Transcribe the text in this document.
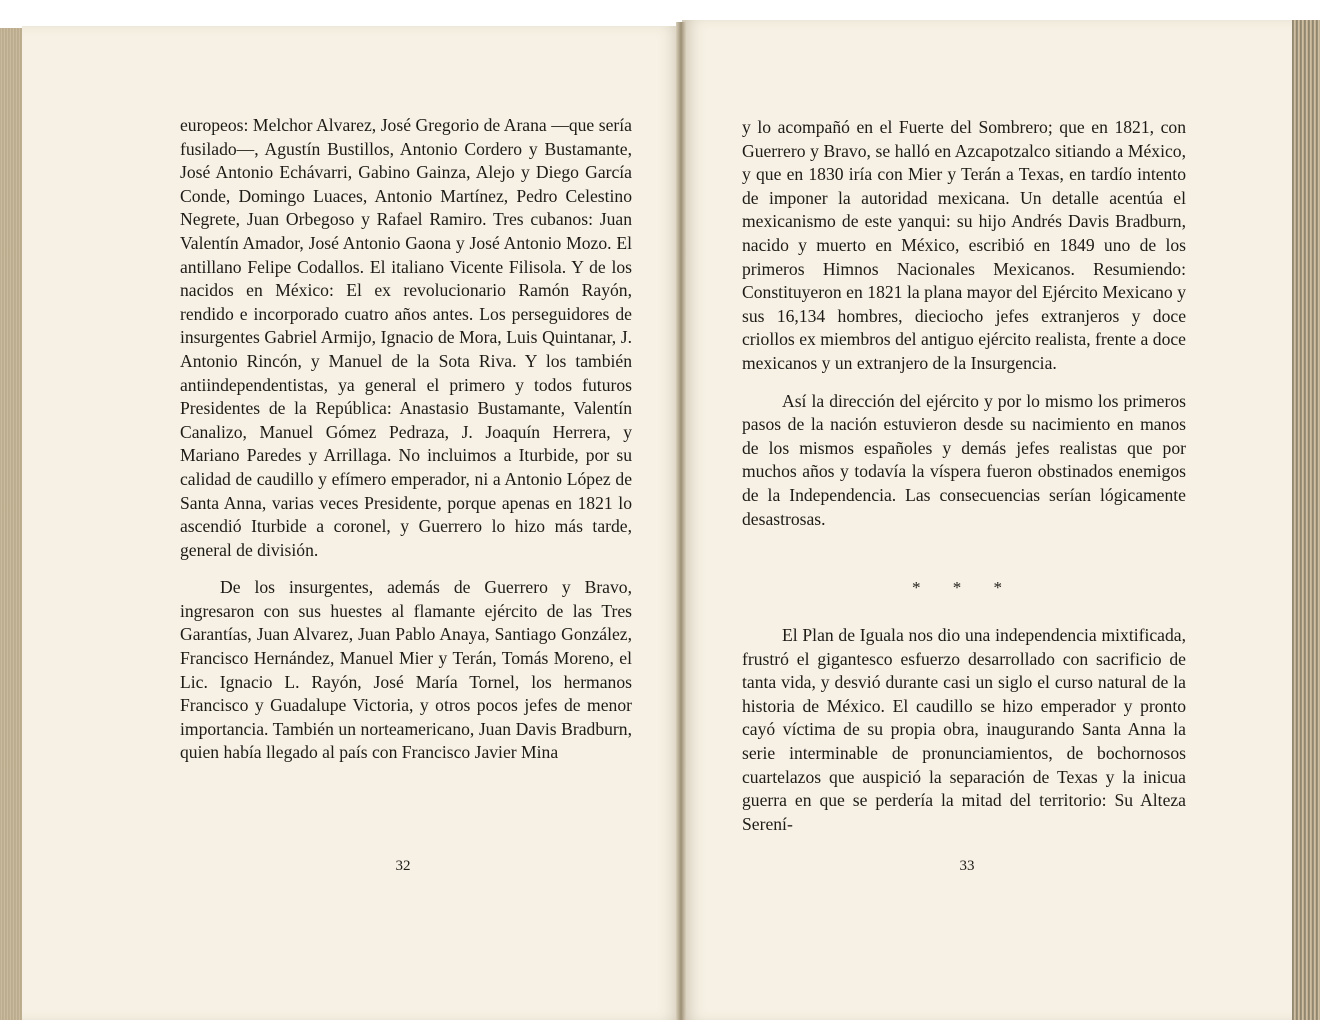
europeos: Melchor Alvarez, José Gregorio de Arana —que sería fusilado—, Agustín Bustillos, Antonio Cordero y Bustamante, José Antonio Echávarri, Gabino Gainza, Alejo y Diego García Conde, Domingo Luaces, Antonio Martínez, Pedro Celestino Negrete, Juan Orbegoso y Rafael Ramiro. Tres cubanos: Juan Valentín Amador, José Antonio Gaona y José Antonio Mozo. El antillano Felipe Codallos. El italiano Vicente Filisola. Y de los nacidos en México: El ex revolucionario Ramón Rayón, rendido e incorporado cuatro años antes. Los perseguidores de insurgentes Gabriel Armijo, Ignacio de Mora, Luis Quintanar, J. Antonio Rincón, y Manuel de la Sota Riva. Y los también antiindependentistas, ya general el primero y todos futuros Presidentes de la República: Anastasio Bustamante, Valentín Canalizo, Manuel Gómez Pedraza, J. Joaquín Herrera, y Mariano Paredes y Arrillaga. No incluimos a Iturbide, por su calidad de caudillo y efímero emperador, ni a Antonio López de Santa Anna, varias veces Presidente, porque apenas en 1821 lo ascendió Iturbide a coronel, y Guerrero lo hizo más tarde, general de división.

De los insurgentes, además de Guerrero y Bravo, ingresaron con sus huestes al flamante ejército de las Tres Garantías, Juan Alvarez, Juan Pablo Anaya, Santiago González, Francisco Hernández, Manuel Mier y Terán, Tomás Moreno, el Lic. Ignacio L. Rayón, José María Tornel, los hermanos Francisco y Guadalupe Victoria, y otros pocos jefes de menor importancia. También un norteamericano, Juan Davis Bradburn, quien había llegado al país con Francisco Javier Mina

32

y lo acompañó en el Fuerte del Sombrero; que en 1821, con Guerrero y Bravo, se halló en Azcapotzalco sitiando a México, y que en 1830 iría con Mier y Terán a Texas, en tardío intento de imponer la autoridad mexicana. Un detalle acentúa el mexicanismo de este yanqui: su hijo Andrés Davis Bradburn, nacido y muerto en México, escribió en 1849 uno de los primeros Himnos Nacionales Mexicanos. Resumiendo: Constituyeron en 1821 la plana mayor del Ejército Mexicano y sus 16,134 hombres, dieciocho jefes extranjeros y doce criollos ex miembros del antiguo ejército realista, frente a doce mexicanos y un extranjero de la Insurgencia.

Así la dirección del ejército y por lo mismo los primeros pasos de la nación estuvieron desde su nacimiento en manos de los mismos españoles y demás jefes realistas que por muchos años y todavía la víspera fueron obstinados enemigos de la Independencia. Las consecuencias serían lógicamente desastrosas.

* * *

El Plan de Iguala nos dio una independencia mixtificada, frustró el gigantesco esfuerzo desarrollado con sacrificio de tanta vida, y desvió durante casi un siglo el curso natural de la historia de México. El caudillo se hizo emperador y pronto cayó víctima de su propia obra, inaugurando Santa Anna la serie interminable de pronunciamientos, de bochornosos cuartelazos que auspició la separación de Texas y la inicua guerra en que se perdería la mitad del territorio: Su Alteza Serení-

33
